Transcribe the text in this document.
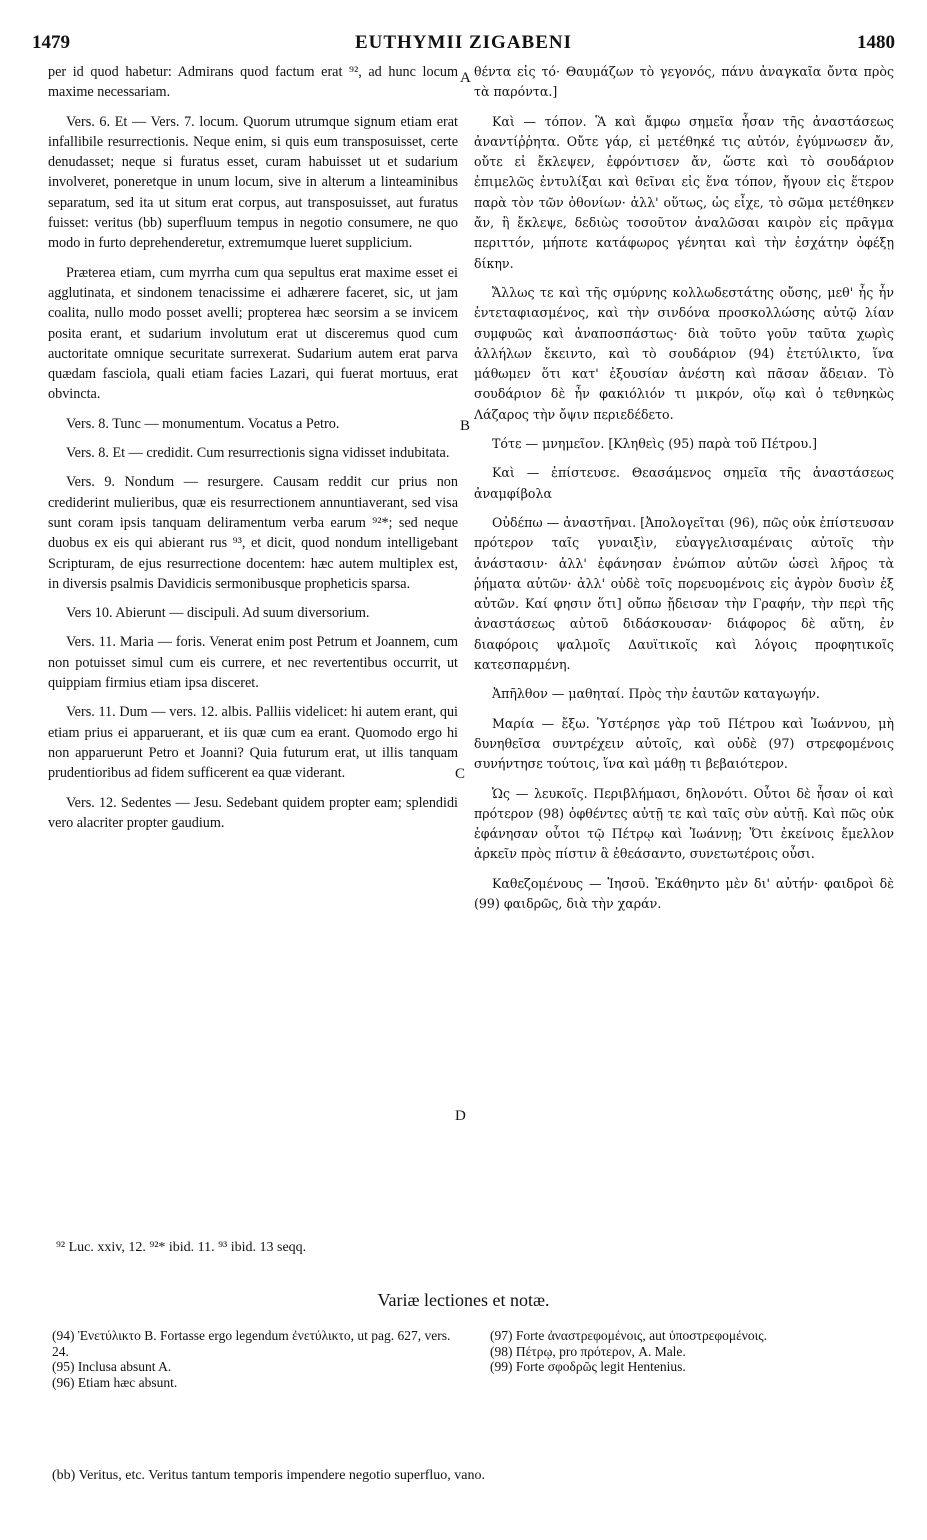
1479	EUTHYMII ZIGABENI	1480

per id quod habetur: Admirans quod factum erat ⁹², ad hunc locum maxime necessariam.

Vers. 6. Et — Vers. 7. locum. Quorum utrumque signum etiam erat infallibile resurrectionis. Neque enim, si quis eum transposuisset, certe denudasset; neque si furatus esset, curam habuisset ut et sudarium involveret, poneretque in unum locum, sive in alterum a linteaminibus separatum, sed ita ut situm erat corpus, aut transposuisset, aut furatus fuisset: veritus (bb) superfluum tempus in negotio consumere, ne quo modo in furto deprehenderetur, extremumque lueret supplicium.

Præterea etiam, cum myrrha cum qua sepultus erat maxime esset ei agglutinata, et sindonem tenacissime ei adhærere faceret, sic, ut jam coalita, nullo modo posset avelli; propterea hæc seorsim a se invicem posita erant, et sudarium involutum erat ut disceremus quod cum auctoritate omnique securitate surrexerat. Sudarium autem erat parva quædam fasciola, quali etiam facies Lazari, qui fuerat mortuus, erat obvincta.

Vers. 8. Tunc — monumentum. Vocatus a Petro.

Vers. 8. Et — credidit. Cum resurrectionis signa vidisset indubitata.

Vers. 9. Nondum — resurgere. Causam reddit cur prius non crediderint mulieribus, quæ eis resurrectionem annuntiaverant, sed visa sunt coram ipsis tanquam deliramentum verba earum ⁹²*; sed neque duobus ex eis qui abierant rus ⁹³, et dicit, quod nondum intelligebant Scripturam, de ejus resurrectione docentem: hæc autem multiplex est, in diversis psalmis Davidicis sermonibusque propheticis sparsa.

Vers 10. Abierunt — discipuli. Ad suum diversorium.

Vers. 11. Maria — foris. Venerat enim post Petrum et Joannem, cum non potuisset simul cum eis currere, et nec revertentibus occurrit, ut quippiam firmius etiam ipsa disceret.

Vers. 11. Dum — vers. 12. albis. Palliis videlicet: hi autem erant, qui etiam prius ei apparuerant, et iis quæ cum ea erant. Quomodo ergo hi non apparuerunt Petro et Joanni? Quia futurum erat, ut illis tanquam prudentioribus ad fidem sufficerent ea quæ viderant.

Vers. 12. Sedentes — Jesu. Sedebant quidem propter eam; splendidi vero alacriter propter gaudium.

θέντα εἰς τό· Θαυμάζων τὸ γεγονός, πάνυ ἀναγκαῖα ὄντα πρὸς τὰ παρόντα.]

Καὶ — τόπον. Ἃ καὶ ἄμφω σημεῖα ἦσαν τῆς ἀναστάσεως ἀναντίῤῥητα. Οὔτε γάρ, εἰ μετέθηκέ τις αὐτόν, ἐγύμνωσεν ἄν, οὔτε εἰ ἔκλεψεν, ἐφρόντισεν ἄν, ὥστε καὶ τὸ σουδάριον ἐπιμελῶς ἐντυλίξαι καὶ θεῖναι εἰς ἕνα τόπον, ἤγουν εἰς ἕτερον παρὰ τὸν τῶν ὀθονίων· ἀλλ' οὕτως, ὡς εἶχε, τὸ σῶμα μετέθηκεν ἄν, ἢ ἔκλεψε, δεδιὼς τοσοῦτον ἀναλῶσαι καιρὸν εἰς πρᾶγμα περιττόν, μήποτε κατάφωρος γένηται καὶ τὴν ἐσχάτην ὀφέξῃ δίκην.

Ἄλλως τε καὶ τῆς σμύρνης κολλωδεστάτης οὔσης, μεθ' ἧς ἦν ἐντεταφιασμένος, καὶ τὴν σινδόνα προσκολλώσης αὐτῷ λίαν συμφυῶς καὶ ἀναποσπάστως· διὰ τοῦτο γοῦν ταῦτα χωρὶς ἀλλήλων ἔκειντο, καὶ τὸ σουδάριον (94) ἐτετύλικτο, ἵνα μάθωμεν ὅτι κατ' ἐξουσίαν ἀνέστη καὶ πᾶσαν ἄδειαν. Τὸ σουδάριον δὲ ἦν φακιόλιόν τι μικρόν, οἵῳ καὶ ὁ τεθνηκὼς Λάζαρος τὴν ὄψιν περιεδέδετο.

Τότε — μνημεῖον. [Κληθεὶς (95) παρὰ τοῦ Πέτρου.]

Καὶ — ἐπίστευσε. Θεασάμενος σημεῖα τῆς ἀναστάσεως ἀναμφίβολα

Οὐδέπω — ἀναστῆναι. [Ἀπολογεῖται (96), πῶς οὐκ ἐπίστευσαν πρότερον ταῖς γυναιξὶν, εὐαγγελισαμέναις αὐτοῖς τὴν ἀνάστασιν· ἀλλ' ἐφάνησαν ἐνώπιον αὐτῶν ὡσεὶ λῆρος τὰ ῥήματα αὐτῶν· ἀλλ' οὐδὲ τοῖς πορευομένοις εἰς ἀγρὸν δυσὶν ἐξ αὐτῶν. Καί φησιν ὅτι] οὔπω ᾔδεισαν τὴν Γραφήν, τὴν περὶ τῆς ἀναστάσεως αὐτοῦ διδάσκουσαν· διάφορος δὲ αὕτη, ἐν διαφόροις ψαλμοῖς Δαυϊτικοῖς καὶ λόγοις προφητικοῖς κατεσπαρμένη.

Ἀπῆλθον — μαθηταί. Πρὸς τὴν ἑαυτῶν καταγωγήν.

Μαρία — ἔξω. Ὑστέρησε γὰρ τοῦ Πέτρου καὶ Ἰωάννου, μὴ δυνηθεῖσα συντρέχειν αὐτοῖς, καὶ οὐδὲ (97) στρεφομένοις συνήντησε τούτοις, ἵνα καὶ μάθῃ τι βεβαιότερον.

Ὡς — λευκοῖς. Περιβλήμασι, δηλονότι. Οὗτοι δὲ ἦσαν οἱ καὶ πρότερον (98) ὀφθέντες αὐτῇ τε καὶ ταῖς σὺν αὐτῇ. Καὶ πῶς οὐκ ἐφάνησαν οὗτοι τῷ Πέτρῳ καὶ Ἰωάννῃ; Ὅτι ἐκείνοις ἔμελλον ἀρκεῖν πρὸς πίστιν ἃ ἐθεάσαντο, συνετωτέροις οὖσι.

Καθεζομένους — Ἰησοῦ. Ἐκάθηντο μὲν δι' αὐτήν· φαιδροὶ δὲ (99) φαιδρῶς, διὰ τὴν χαράν.

A
B
C
D
⁹² Luc. xxiv, 12. ⁹²* ibid. 11. ⁹³ ibid. 13 seqq.
Variæ lectiones et notæ.

(94) Ἐνετύλικτο B. Fortasse ergo legendum ἐνετύλικτο, ut pag. 627, vers. 24.

(95) Inclusa absunt A.

(96) Etiam hæc absunt.

(97) Forte ἀναστρεφομένοις, aut ὑποστρεφομένοις.

(98) Πέτρῳ, pro πρότερον, A. Male.

(99) Forte σφοδρῶς legit Hentenius.

(bb) Veritus, etc. Veritus tantum temporis impendere negotio superfluo, vano.
